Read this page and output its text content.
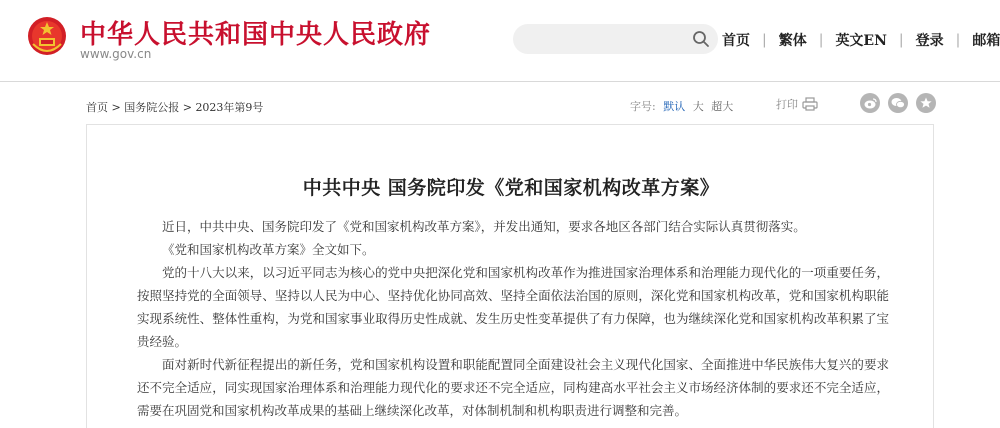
中华人民共和国中央人民政府
www.gov.cn
首页 | 繁体 | 英文EN | 登录 | 邮箱
首页 > 国务院公报 > 2023年第9号	字号: 默认 大 超大	打印
中共中央 国务院印发《党和国家机构改革方案》

近日，中共中央、国务院印发了《党和国家机构改革方案》，并发出通知，要求各地区各部门结合实际认真贯彻落实。

《党和国家机构改革方案》全文如下。

党的十八大以来，以习近平同志为核心的党中央把深化党和国家机构改革作为推进国家治理体系和治理能力现代化的一项重要任务，按照坚持党的全面领导、坚持以人民为中心、坚持优化协同高效、坚持全面依法治国的原则，深化党和国家机构改革，党和国家机构职能实现系统性、整体性重构，为党和国家事业取得历史性成就、发生历史性变革提供了有力保障，也为继续深化党和国家机构改革积累了宝贵经验。

面对新时代新征程提出的新任务，党和国家机构设置和职能配置同全面建设社会主义现代化国家、全面推进中华民族伟大复兴的要求还不完全适应，同实现国家治理体系和治理能力现代化的要求还不完全适应，同构建高水平社会主义市场经济体制的要求还不完全适应，需要在巩固党和国家机构改革成果的基础上继续深化改革，对体制机制和机构职责进行调整和完善。
